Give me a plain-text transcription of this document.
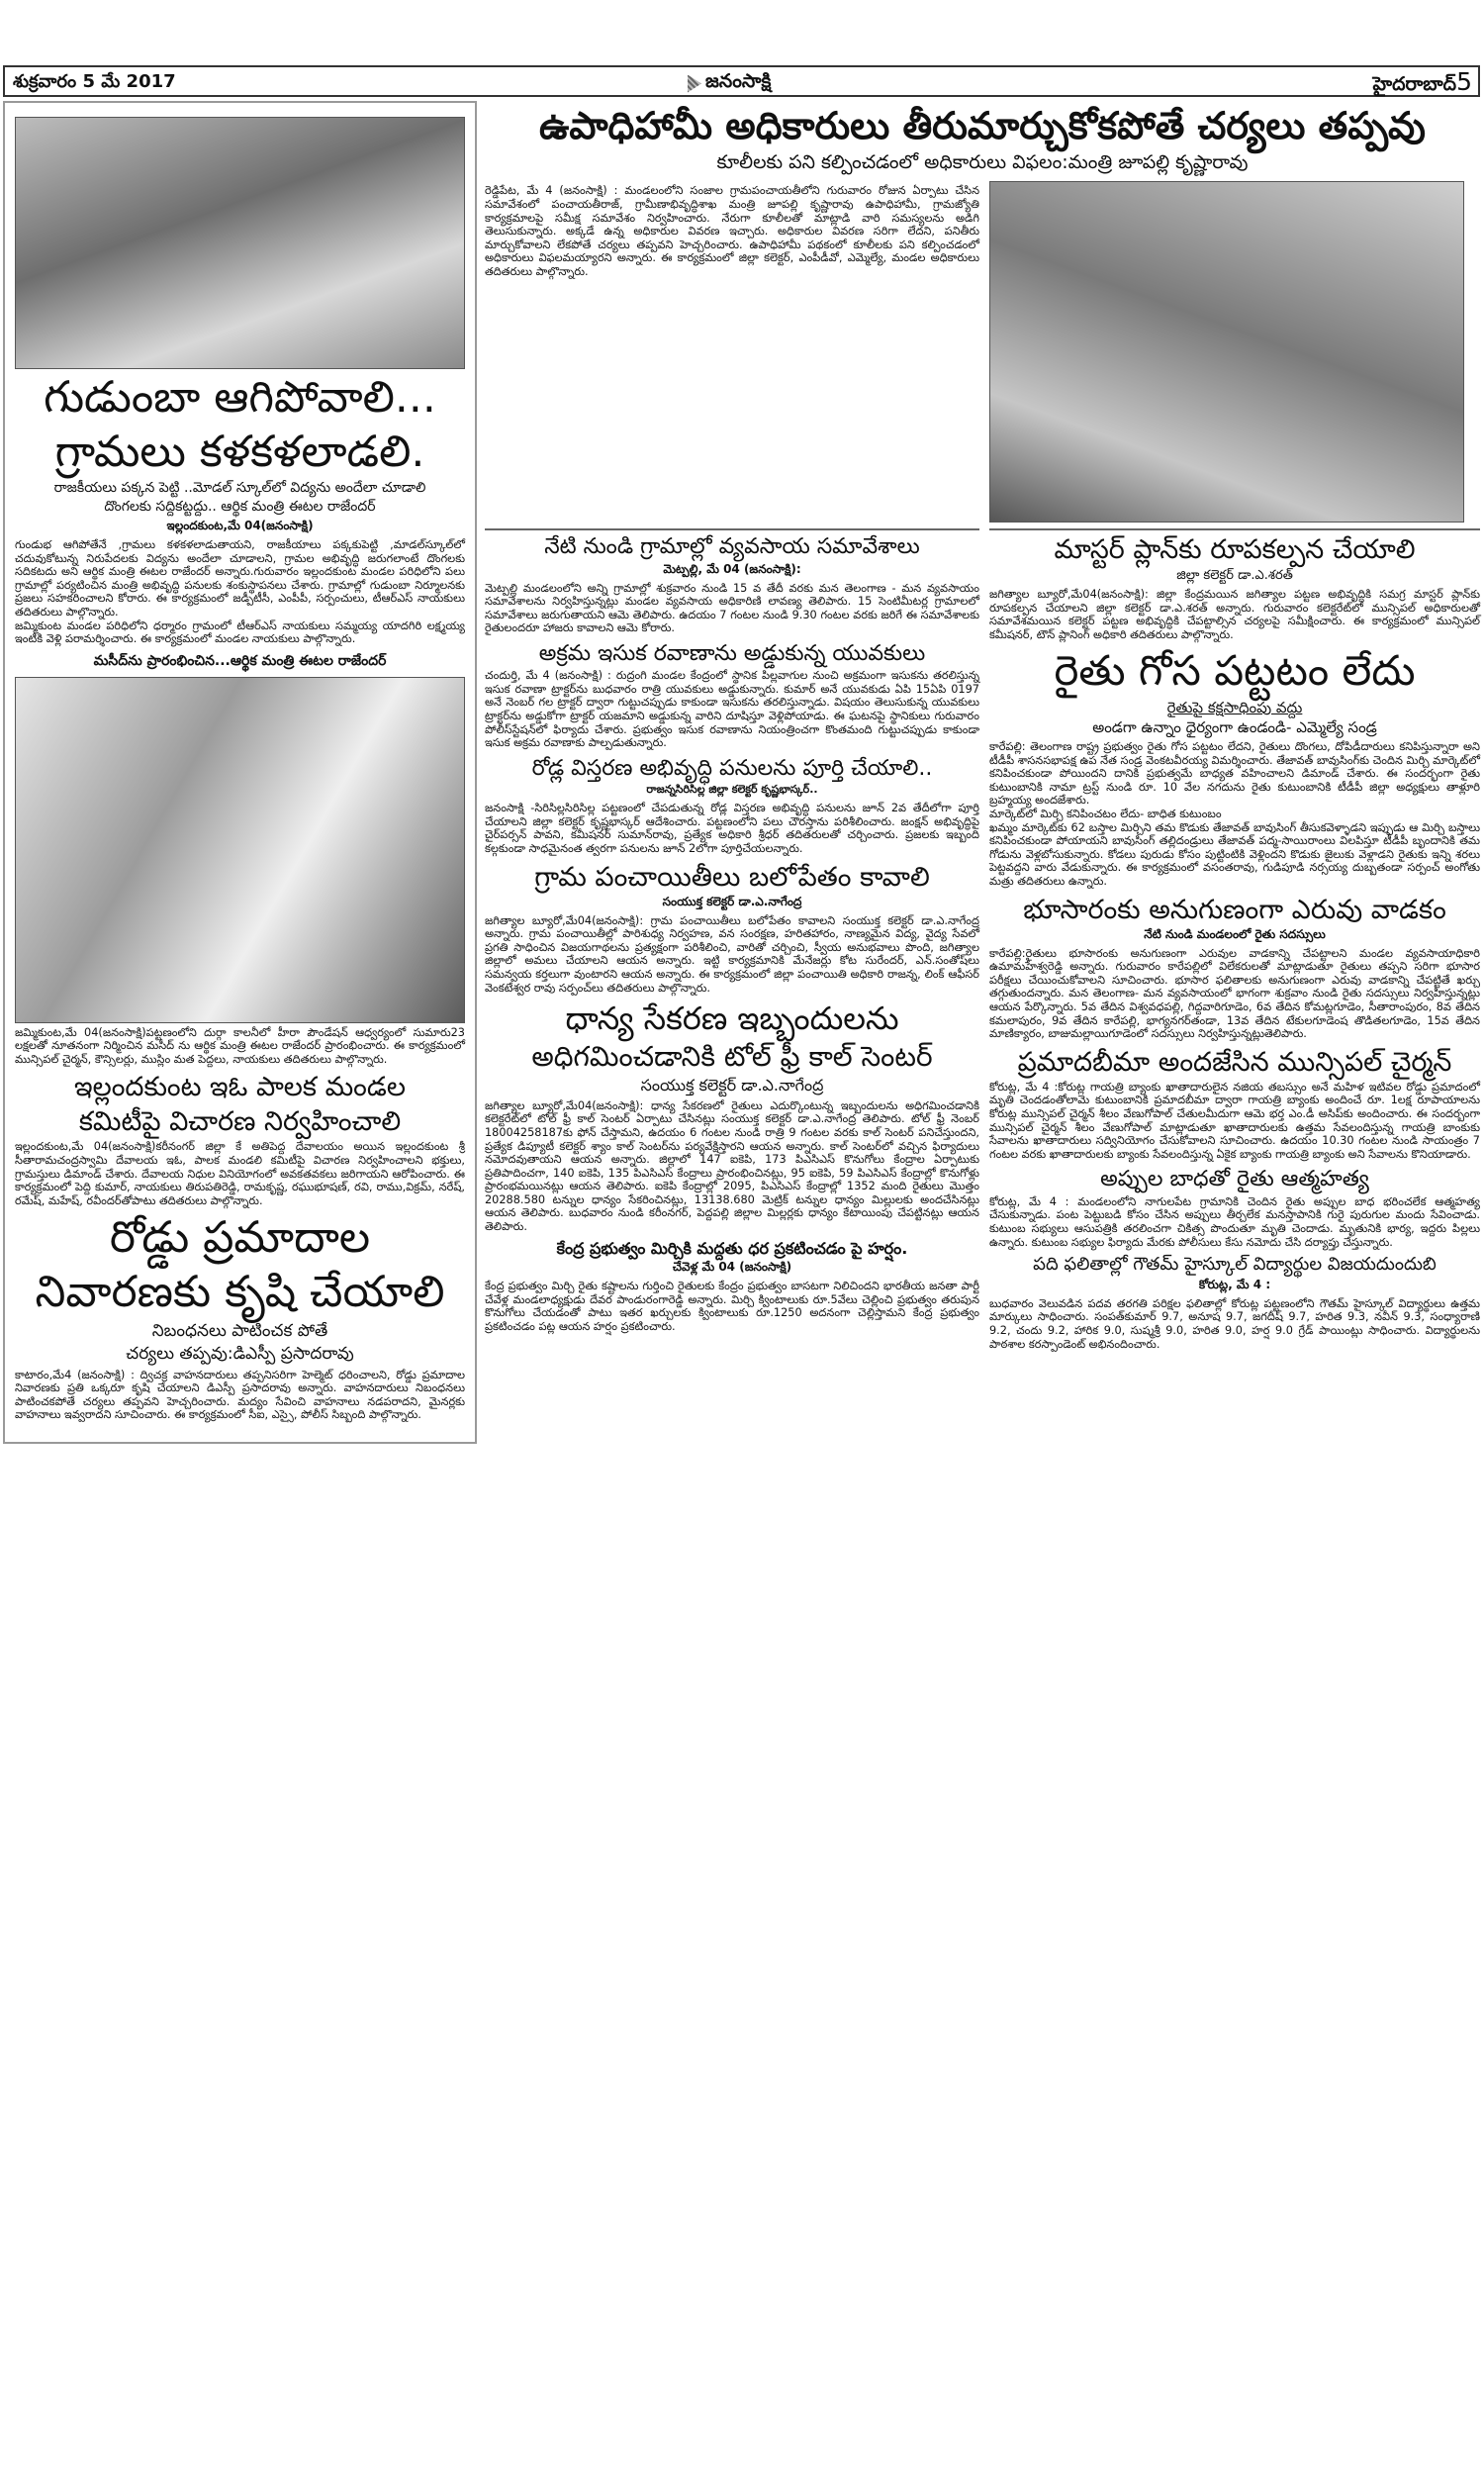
శుక్రవారం 5 మే 2017	జనంసాక్షి	హైదరాబాద్5
గుడుంబా ఆగిపోవాలి...
గ్రామలు కళకళలాడలి.
రాజకీయలు పక్కన పెట్టి ..మోడల్ స్కూల్‌లో విద్యను అందేలా చూడాలి
దొంగలకు సద్దికట్టద్దు.. ఆర్థిక మంత్రి ఈటల రాజేందర్
ఇల్లందకుంట,మే 04(జనంసాక్షి)

గుండుభ ఆగిపోతేనే ,గ్రామలు కళకళలాడుతాయని, రాజకీయాలు పక్కకుపెట్టి ,మాడల్‌స్కూల్‌లో చదువుకోటున్న నిరుపేదలకు విద్యను అందేలా చూడాలని, గ్రామల అభివృద్ధి జరుగలాంటే దొంగలకు సదికటదు అని ఆర్థిక మంత్రి ఈటల రాజేందర్ అన్నారు.గురువారం ఇల్లందకుంట మండల పరిధిలోని పలు గ్రామాల్లో పర్యటించిన మంత్రి అభివృద్ధి పనులకు శంకుస్థాపనలు చేశారు. గ్రామాల్లో గుడుంబా నిర్మూలనకు ప్రజలు సహకరించాలని కోరారు. ఈ కార్యక్రమంలో జడ్పీటీసీ, ఎంపీపీ, సర్పంచులు, టీఆర్‌ఎస్ నాయకులు తదితరులు పాల్గొన్నారు.

జమ్మికుంట మండల పరిధిలోని ధర్మారం గ్రామంలో టీఆర్ఎస్ నాయకులు సమ్మయ్య యాదగిరి లక్ష్మయ్య ఇంటికి వెళ్లి పరామర్శించారు. ఈ కార్యక్రమంలో మండల నాయకులు పాల్గొన్నారు.

మసీద్‌ను ప్రారంభించిన...ఆర్థిక మంత్రి ఈటల రాజేందర్
జమ్మికుంట,మే 04(జనంసాక్షి)పట్టణంలోని దుర్గా కాలనీలో హీరా పౌండేషన్ ఆధ్వర్యంలో సుమారు23 లక్షలతో నూతనంగా నిర్మించిన మసీద్ ను ఆర్థిక మంత్రి ఈటల రాజేందర్ ప్రారంభించారు. ఈ కార్యక్రమంలో మున్సిపల్ చైర్మన్, కౌన్సిలర్లు, ముస్లిం మత పెద్దలు, నాయకులు తదితరులు పాల్గొన్నారు.
ఇల్లందకుంట ఇఓ పాలక మండల
కమిటీపై విచారణ నిర్వహించాలి
ఇల్లందకుంట,మే 04(జనంసాక్షి)కరీనంగర్ జిల్లా కే అతిపెద్ద దేవాలయం అయిన ఇల్లందకుంట శ్రీ సీతారామచంద్రస్వామి దేవాలయ ఇఓ, పాలక మండలి కమిటీపై విచారణ నిర్వహించాలని భక్తులు, గ్రామస్తులు డిమాండ్ చేశారు. దేవాలయ నిధుల వినియోగంలో అవకతవకలు జరిగాయని ఆరోపించారు. ఈ కార్యక్రమంలో పెద్ది కుమార్, నాయకులు తిరుపతిరెడ్డి, రామకృష్ణ, రఘుభూషణ్, రవి, రాము,విక్రమ్, నరేష్, రమేష్, మహేష్, రవీందర్‌తోపాటు తదితరులు పాల్గొన్నారు.
రోడ్డు ప్రమాదాల
నివారణకు కృషి చేయాలి
నిబంధనలు పాటించక పోతే
చర్యలు తప్పవు:డిఎస్పీ ప్రసాదరావు
కాటారం,మే4 (జనంసాక్షి) : ద్విచక్ర వాహనదారులు తప్పనిసరిగా హెల్మెట్ ధరించాలని, రోడ్డు ప్రమాదాల నివారణకు ప్రతి ఒక్కరూ కృషి చేయాలని డిఎస్పీ ప్రసాదరావు అన్నారు. వాహనదారులు నిబంధనలు పాటించకపోతే చర్యలు తప్పవని హెచ్చరించారు. మద్యం సేవించి వాహనాలు నడపరాదని, మైనర్లకు వాహనాలు ఇవ్వరాదని సూచించారు. ఈ కార్యక్రమంలో సీఐ, ఎస్సై, పోలీస్ సిబ్బంది పాల్గొన్నారు.
ఉపాధిహామీ అధికారులు తీరుమార్చుకోకపోతే చర్యలు తప్పవు
కూలీలకు పని కల్పించడంలో అధికారులు విఫలం:మంత్రి జూపల్లి కృష్ణారావు
రెడ్డిపేట, మే 4 (జనంసాక్షి) : మండలంలోని సంజాల గ్రామపంచాయతీలోని గురువారం రోజున ఏర్పాటు చేసిన సమావేశంలో పంచాయతీరాజ్, గ్రామీణాభివృద్ధిశాఖ మంత్రి జూపల్లి కృష్ణారావు ఉపాధిహామీ, గ్రామజ్యోతి కార్యక్రమాలపై సమీక్ష సమావేశం నిర్వహించారు. నేరుగా కూలీలతో మాట్లాడి వారి సమస్యలను అడిగి తెలుసుకున్నారు. అక్కడే ఉన్న అధికారుల వివరణ ఇచ్చారు. అధికారుల వివరణ సరిగా లేదని, పనితీరు మార్చుకోవాలని లేకపోతే చర్యలు తప్పవని హెచ్చరించారు. ఉపాధిహామీ పథకంలో కూలీలకు పని కల్పించడంలో అధికారులు విఫలమయ్యారని అన్నారు. ఈ కార్యక్రమంలో జిల్లా కలెక్టర్, ఎంపీడీవో, ఎమ్మెల్యే, మండల అధికారులు తదితరులు పాల్గొన్నారు.
నేటి నుండి గ్రామాల్లో వ్యవసాయ సమావేశాలు
మెట్పల్లి, మే 04 (జనంసాక్షి):
మెట్పల్లి మండలంలోని అన్ని గ్రామాల్లో శుక్రవారం నుండి 15 వ తేదీ వరకు మన తెలంగాణ - మన వ్యవసాయం సమావేశాలను నిర్వహిస్తున్నట్లు మండల వ్యవసాయ అధికారిణి లావణ్య తెలిపారు. 15 సెంటిమీటర్ల గ్రామాలలో సమావేశాలు జరుగుతాయని ఆమె తెలిపారు. ఉదయం 7 గంటల నుండి 9.30 గంటల వరకు జరిగే ఈ సమావేశాలకు రైతులందరూ హాజరు కావాలని ఆమె కోరారు.
అక్రమ ఇసుక రవాణాను అడ్డుకున్న యువకులు
చందుర్తి, మే 4 (జనంసాక్షి) : రుద్రంగి మండల కేంద్రంలో స్థానిక పిల్లవాగుల నుంచి అక్రమంగా ఇసుకను తరలిస్తున్న ఇసుక రవాణా ట్రాక్టర్‌ను బుధవారం రాత్రి యువకులు అడ్డుకున్నారు. కుమార్ అనే యువకుడు ఏపి 15ఏపి 0197 అనే నెంబర్ గల ట్రాక్టర్ ద్వారా గుట్టుచప్పుడు కాకుండా ఇసుకను తరలిస్తున్నాడు. విషయం తెలుసుకున్న యువకులు ట్రాక్టర్‌ను అడ్డుకోగా ట్రాక్టర్ యజమాని అడ్డుకున్న వారిని దూషిస్తూ వెళ్లిపోయాడు. ఈ ఘటనపై స్థానికులు గురువారం పోలీస్‌స్టేషన్‌లో ఫిర్యాదు చేశారు. ప్రభుత్వం ఇసుక రవాణాను నియంత్రించగా కొంతమంది గుట్టుచప్పుడు కాకుండా ఇసుక అక్రమ రవాణాకు పాల్పడుతున్నారు.
రోడ్ల విస్తరణ అభివృద్ధి పనులను పూర్తి చేయాలి..
రాజన్నసిరిసిల్ల జిల్లా కలెక్టర్ కృష్ణభాస్కర్..
జనంసాక్షి -సిరిసిల్లసిరిసిల్ల పట్టణంలో చేపడుతున్న రోడ్ల విస్తరణ అభివృద్ధి పనులను జూన్ 2వ తేదీలోగా పూర్తి చేయాలని జిల్లా కలెక్టర్ కృష్ణభాస్కర్ ఆదేశించారు. పట్టణంలోని పలు చౌరస్తాను పరిశీలించారు. జంక్షన్ అభివృద్ధిపై చైర్‌పర్సన్ పావని, కమీషనర్ సుమాన్‌రావు, ప్రత్యేక అధికారి శ్రీధర్ తదితరులతో చర్చించారు. ప్రజలకు ఇబ్బంది కల్గకుండా సాధమైనంత త్వరగా పనులను జూన్ 2లోగా పూర్తిచేయలన్నారు.
గ్రామ పంచాయితీలు బలోపేతం కావాలి
సంయుక్త కలెక్టర్ డా.ఎ.నాగేంద్ర
జగిత్యాల బ్యూరో,మే04(జనంసాక్షి): గ్రామ పంచాయితీలు బలోపేతం కావాలని సంయుక్త కలెక్టర్ డా.ఎ.నాగేంద్ర అన్నారు. గ్రామ పంచాయితీల్లో పారిశుధ్య నిర్వహణ, వన సంరక్షణ, హరితహారం, నాణ్యమైన విద్య, వైద్య సేవలో ప్రగతి సాధించిన విజయగాథలను ప్రత్యక్షంగా పరిశీలించి, వారితో చర్చించి, స్వీయ అనుభవాలు పొంది, జగిత్యాల జిల్లాలో అమలు చేయాలని ఆయన అన్నారు. ఇట్టి కార్యక్రమానికి మేనేజర్లు కోట సురేందర్, ఎన్.సంతోష్‌లు సమన్వయ కర్తలుగా వుంటారని ఆయన అన్నారు. ఈ కార్యక్రమంలో జిల్లా పంచాయితి అధికారి రాజన్న, లింక్ ఆఫీసర్ వెంకటేశ్వర రావు సర్పంచ్‌లు తదితరులు పాల్గొన్నారు.
ధాన్య సేకరణ ఇబ్బందులను
అధిగమించడానికి టోల్ ఫ్రీ కాల్ సెంటర్
సంయుక్త కలెక్టర్ డా.ఎ.నాగేంద్ర
జగిత్యాల బ్యూరో,మే04(జనంసాక్షి): ధాన్య సేకరణలో రైతులు ఎదుర్కొంటున్న ఇబ్బందులను అధిగమించడానికి కలెక్టరేట్‌లో టోల్ ఫ్రీ కాల్ సెంటర్ ఏర్పాటు చేసినట్లు సంయుక్త కలెక్టర్ డా.ఎ.నాగేంద్ర తెలిపారు. టోల్ ఫ్రీ నెంబర్ 18004258187కు ఫోన్ చేస్తామని, ఉదయం 6 గంటల నుండి రాత్రి 9 గంటల వరకు కాల్ సెంటర్ పనిచేస్తుందని, ప్రత్యేక డిప్యూటీ కలెక్టర్ శ్యాం కాల్ సెంటర్‌ను పర్యవేక్షిస్తారని ఆయన అన్నారు. కాల్ సెంటర్‌లో వచ్చిన ఫిర్యాదులు నమోదవుతాయని ఆయన అన్నారు. జిల్లాలో 147 ఐకెపి, 173 పిఎసిఎస్ కొనుగోలు కేంద్రాల ఏర్పాటుకు ప్రతిపాదించగా, 140 ఐకెపి, 135 పిఎసిఎస్ కేంద్రాలు ప్రారంభించినట్లు, 95 ఐకెపి, 59 పిఎసిఎస్ కేంద్రాల్లో కొనుగోళ్లు ప్రారంభమయినట్లు ఆయన తెలిపారు. ఐకెపి కేంద్రాల్లో 2095, పిఎసిఎస్ కేంద్రాల్లో 1352 మంది రైతులు మొత్తం 20288.580 టన్నుల ధాన్యం సేకరించినట్లు, 13138.680 మెట్రిక్ టన్నుల ధాన్యం మిల్లులకు అందచేసినట్లు ఆయన తెలిపారు. బుధవారం నుండి కరీంనగర్, పెద్దపల్లి జిల్లాల మిల్లర్లకు ధాన్యం కేటాయింపు చేపట్టినట్లు ఆయన తెలిపారు.
కేంద్ర ప్రభుత్వం మిర్చికి మద్దతు ధర ప్రకటించడం పై హర్షం.
చేవెళ్ల మే 04 (జనంసాక్షి)
కేంద్ర ప్రభుత్వం మిర్చి రైతు కష్టాలను గుర్తించి రైతులకు కేంద్రం ప్రభుత్వం బాసటగా నిలిచిందని భారతీయ జనతా పార్టీ చేవేళ్ల మండలాధ్యక్షుడు దేవర పాండురంగారెడ్డి అన్నారు. మిర్చి క్వింటాలుకు రూ.5వేలు చెల్లించి ప్రభుత్వం తరుపున కొనుగోలు చేయడంతో పాటు ఇతర ఖర్చులకు క్వింటాలుకు రూ.1250 అదనంగా చెల్లిస్తామని కేంద్ర ప్రభుత్వం ప్రకటించడం పట్ల ఆయన హర్షం ప్రకటించారు.
మాస్టర్ ప్లాన్‌కు రూపకల్పన చేయాలి
జిల్లా కలెక్టర్ డా.ఎ.శరత్
జగిత్యాల బ్యూరో,మే04(జనంసాక్షి): జిల్లా కేంద్రమయిన జగిత్యాల పట్టణ అభివృద్ధికి సమగ్ర మాస్టర్ ప్లాన్‌కు రూపకల్పన చేయాలని జిల్లా కలెక్టర్ డా.ఎ.శరత్ అన్నారు. గురువారం కలెక్టరేట్‌లో మున్సిపల్ అధికారులతో సమావేశమయిన కలెక్టర్ పట్టణ అభివృద్ధికి చేపట్టాల్సిన చర్యలపై సమీక్షించారు. ఈ కార్యక్రమంలో మున్సిపల్ కమీషనర్, టౌన్ ప్లానింగ్ అధికారి తదితరులు పాల్గొన్నారు.
రైతు గోస పట్టటం లేదు
రైతుపై కక్షసాధింపు వద్దు
అండగా ఉన్నాం ధైర్యంగా ఉండండి- ఎమ్మెల్యే సండ్ర

కారేపల్లి: తెలంగాణ రాష్ట్ర ప్రభుత్వం రైతు గోస పట్టటం లేదని, రైతులు దొంగలు, దోపిడీదారులు కనిపిస్తున్నారా అని టీడీపీ శాసనసభాపక్ష ఉప నేత సండ్ర వెంకటవీరయ్య విమర్శించారు. తేజావత్ బావుసింగ్‌కు చెందిన మిర్చి మార్కెట్‌లో కనిపించకుండా పోయిందని దానికి ప్రభుత్వమే బాధ్యత వహించాలని డిమాండ్ చేశారు. ఈ సందర్భంగా రైతు కుటుంబానికి నామా ట్రస్ట్ నుండి రూ. 10 వేల నగదును రైతు కుటుంబానికి టీడీపీ జిల్లా అధ్యక్షులు తాళ్లూరి బ్రహ్మయ్య అందజేశారు.

మార్కెట్‌లో మిర్చి కనిపించటం లేదు- బాధిత కుటుంబం

ఖమ్మం మార్కెట్‌కు 62 బస్తాల మిర్చిని తమ కొడుకు తేజావత్ బావుసింగ్ తీసుకవెళ్ళాడని ఇప్పుడు ఆ మిర్చి బస్తాలు కనిపించకుండా పోయాయని బావుసింగ్ తల్లిదండ్రులు తేజావత్ పద్మ-సాయిరాంలు విలపిస్తూ టీడీపీ బృందానికి తమ గోడును వెళ్లబోసుకున్నారు. కోడలు పురుడు కోసం పుట్టింటికి వెళ్లిందని కొడుకు జైలుకు వెళ్లాడని రైతుకు ఇన్ని శరలు పెట్టవద్దని వారు వేడుకున్నారు. ఈ కార్యక్రమంలో వసంతరావు, గుడిపూడి నర్సయ్య దుబ్బతండా సర్పంచ్ అంగోతు మత్రు తదితరులు ఉన్నారు.

భూసారంకు అనుగుణంగా ఎరువు వాడకం
నేటి నుండి మండలంలో రైతు సదస్సులు
కారేపల్లి:రైతులు భూసారంకు అనుగుణంగా ఎరువుల వాడకాన్ని చేపట్టాలని మండల వ్యవసాయాధికారి ఉమామహేశ్వరెడ్డి అన్నారు. గురువారం కారేపల్లిలో విలేకరులతో మాట్లాడుతూ రైతులు తప్పని సరిగా భూసార పరీక్షలు చేయించుకోవాలని సూచించారు. భూసార ఫలితాలకు అనుగుణంగా ఎరువు వాడకాన్ని చేపట్టితే ఖర్చు తగ్గుతుందన్నారు. మన తెలంగాణ- మన వ్యవసాయంలో భాగంగా శుక్రవాం నుండి రైతు సదస్సులు నిర్వహిస్తున్నట్లు ఆయన పేర్కొన్నారు. 5వ తేదిన విశ్వవధపల్లి, గిద్దవారిగూడెం, 6వ తేదిన కోమట్లగూడెం, సీతారాంపురం, 8వ తేదిన కమలాపురం, 9వ తేదిన కారేపల్లి, భాగ్యనగర్‌తండా, 13వ తేదిన టేకులగూడెంష తొడితలగూడెం, 15వ తేదిన మాణిక్యారం, బాజుమల్లాయిగూడెంలో సదస్సులు నిర్వహిస్తున్నట్లుతెలిపారు.
ప్రమాదబీమా అందజేసిన మున్సిపల్ చైర్మన్
కోరుట్ల, మే 4 :కోరుట్ల గాయత్రి బ్యాంకు ఖాతాదారులైన నజియ తబస్సుం అనే మహిళ ఇటివల రోడ్డు ప్రమాదంలో మృతి చెందడంతోలామె కుటుంబానికి ప్రమాదబీమా ద్వారా గాయత్రి బ్యాంకు అందించే రూ. 1లక్ష రూపాయాలను కోరుట్ల మున్సిపల్ చైర్మన్ శీలం వేణుగోపాల్ చేతులమీదుగా ఆమె భర్త ఎం.డీ అసిప్‌కు అందించారు. ఈ సందర్బంగా మున్సిపల్ చైర్మన్ శీలం వేణుగోపాల్ మాట్లాడుతూ ఖాతాదారులకు ఉత్తమ సేవలందిస్తున్న గాయత్రి బాంకుకు సేవాలను ఖాతాదారులు సద్వినియోగం చేసుకోవాలని సూచించారు. ఉదయం 10.30 గంటల నుండి సాయంత్రం 7 గంటల వరకు ఖాతాదారులకు బ్యాంకు సేవలందిస్తున్న ఏకైక బ్యాంకు గాయత్రి బ్యాంకు అని సేవాలను కొనియాడారు.
అప్పుల బాధతో రైతు ఆత్మహత్య
కోరుట్ల, మే 4 : మండలంలోని నాగులపేట గ్రామానికి చెందిన రైతు అప్పుల బాధ భరించలేక ఆత్మహత్య చేసుకున్నాడు. పంట పెట్టుబడి కోసం చేసిన అప్పులు తీర్చలేక మనస్తాపానికి గురై పురుగుల మందు సేవించాడు. కుటుంబ సభ్యులు ఆసుపత్రికి తరలించగా చికిత్స పొందుతూ మృతి చెందాడు. మృతునికి భార్య, ఇద్దరు పిల్లలు ఉన్నారు. కుటుంబ సభ్యుల ఫిర్యాదు మేరకు పోలీసులు కేసు నమోదు చేసి దర్యాప్తు చేస్తున్నారు.
పది ఫలితాల్లో గౌతమ్ హైస్కూల్ విద్యార్థుల విజయదుందుబి
కోరుట్ల, మే 4 :
బుధవారం వెలువడిన పదవ తరగతి పరిక్షల ఫలితాల్లో కోరుట్ల పట్టణంలోని గౌతమ్ హైస్కూల్ విద్యార్థులు ఉత్తమ మార్కులు సాధించారు. సంపత్‌కుమార్ 9.7, అనూష 9.7, జగదీష్ 9.7, హరిత 9.3, నవీన్ 9.3, సంధ్యారాణి 9.2, చందు 9.2, హారిక 9.0, సుష్మశ్రీ 9.0, హరిత 9.0, హర్ష 9.0 గ్రేడ్ పాయింట్లు సాధించారు. విద్యార్థులను పాఠశాల కరస్పాండెంట్ అభినందించారు.
